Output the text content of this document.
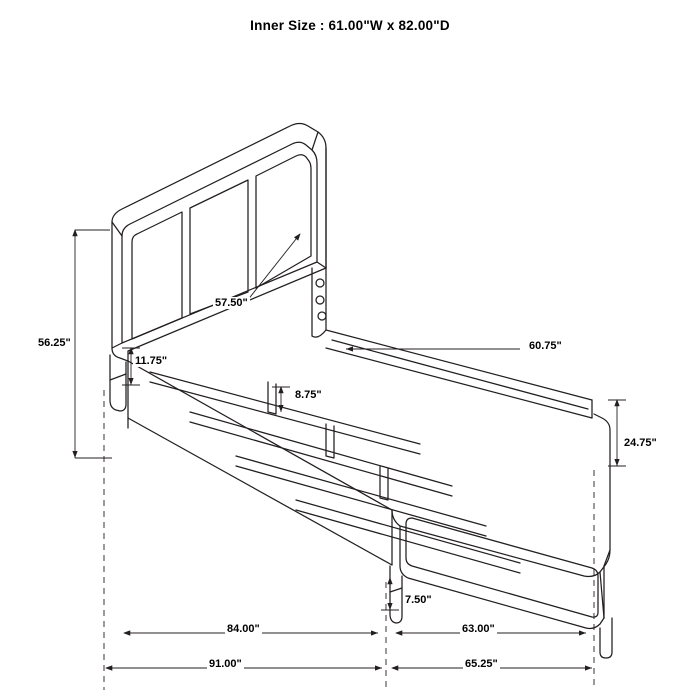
Inner Size : 61.00"W x 82.00"D
57.50"
56.25"
11.75"
8.75"
60.75"
24.75"
7.50"
84.00"	63.00"
91.00"	65.25"
